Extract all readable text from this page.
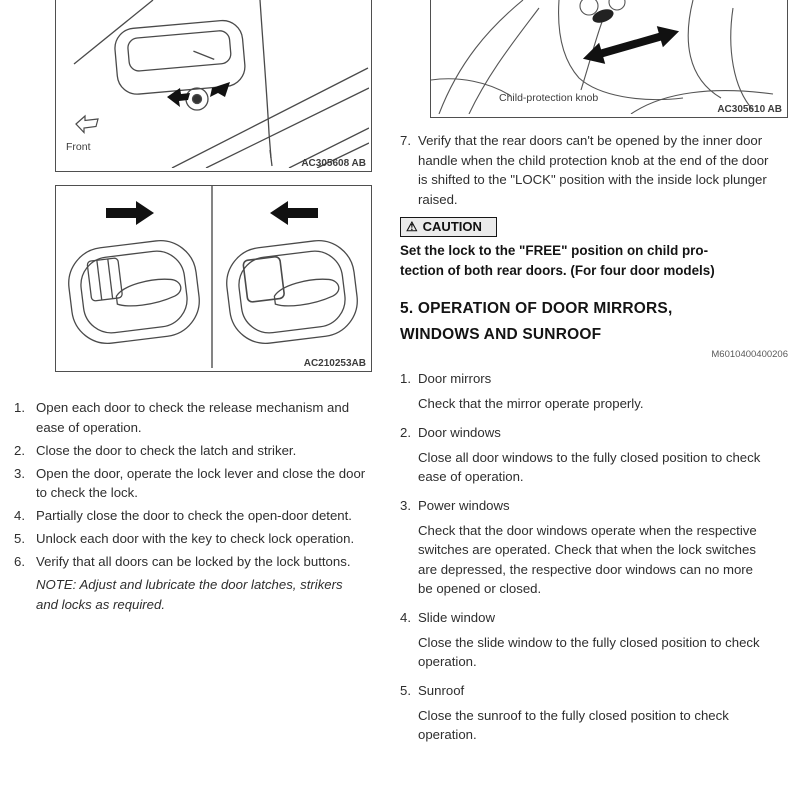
Front
AC305608 AB
AC210253AB
1. Open each door to check the release mechanism and ease of operation.
2. Close the door to check the latch and striker.
3. Open the door, operate the lock lever and close the door to check the lock.
4. Partially close the door to check the open-door detent.
5. Unlock each door with the key to check lock operation.
6. Verify that all doors can be locked by the lock buttons.
NOTE: Adjust and lubricate the door latches, strikers and locks as required.
Child-protection knob
AC305610 AB
7. Verify that the rear doors can't be opened by the inner door handle when the child protection knob at the end of the door is shifted to the "LOCK" position with the inside lock plunger raised.
⚠ CAUTION
Set the lock to the "FREE" position on child pro-
tection of both rear doors. (For four door models)
5. OPERATION OF DOOR MIRRORS,
WINDOWS AND SUNROOF
M6010400400206
1. Door mirrors
Check that the mirror operate properly.
2. Door windows
Close all door windows to the fully closed position to check ease of operation.
3. Power windows
Check that the door windows operate when the respective switches are operated. Check that when the lock switches are depressed, the respective door windows can no more be opened or closed.
4. Slide window
Close the slide window to the fully closed position to check operation.
5. Sunroof
Close the sunroof to the fully closed position to check operation.
